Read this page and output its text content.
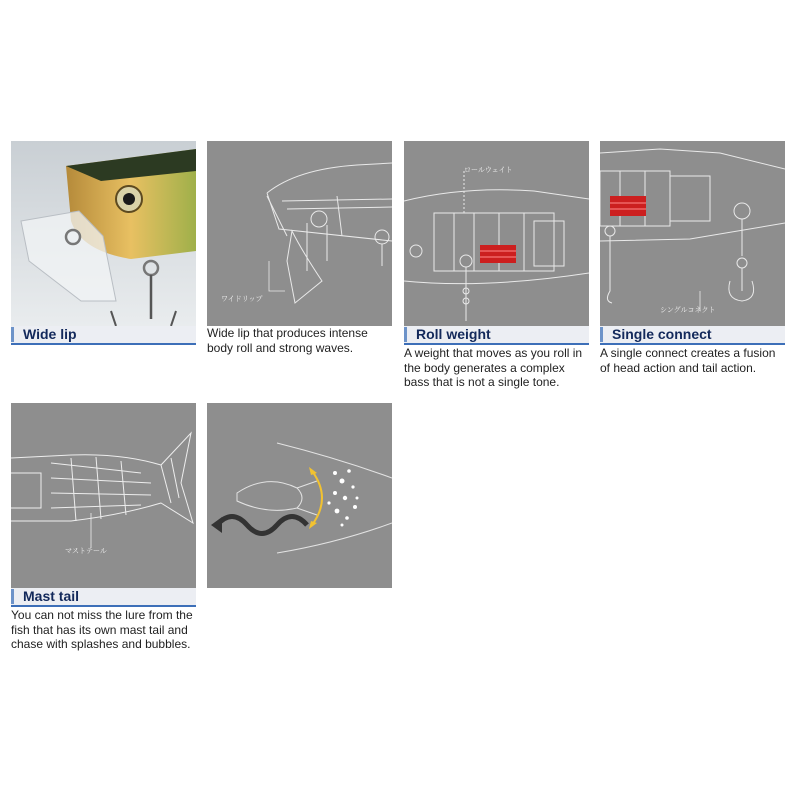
Wide lip
ワイドリップ
Wide lip that produces intense body roll and strong waves.
ロールウェイト
Roll weight
A weight that moves as you roll in the body generates a complex bass that is not a single tone.
シングルコネクト
Single connect
A single connect creates a fusion of head action and tail action.
マストテール
Mast tail
You can not miss the lure from the fish that has its own mast tail and chase with splashes and bubbles.
